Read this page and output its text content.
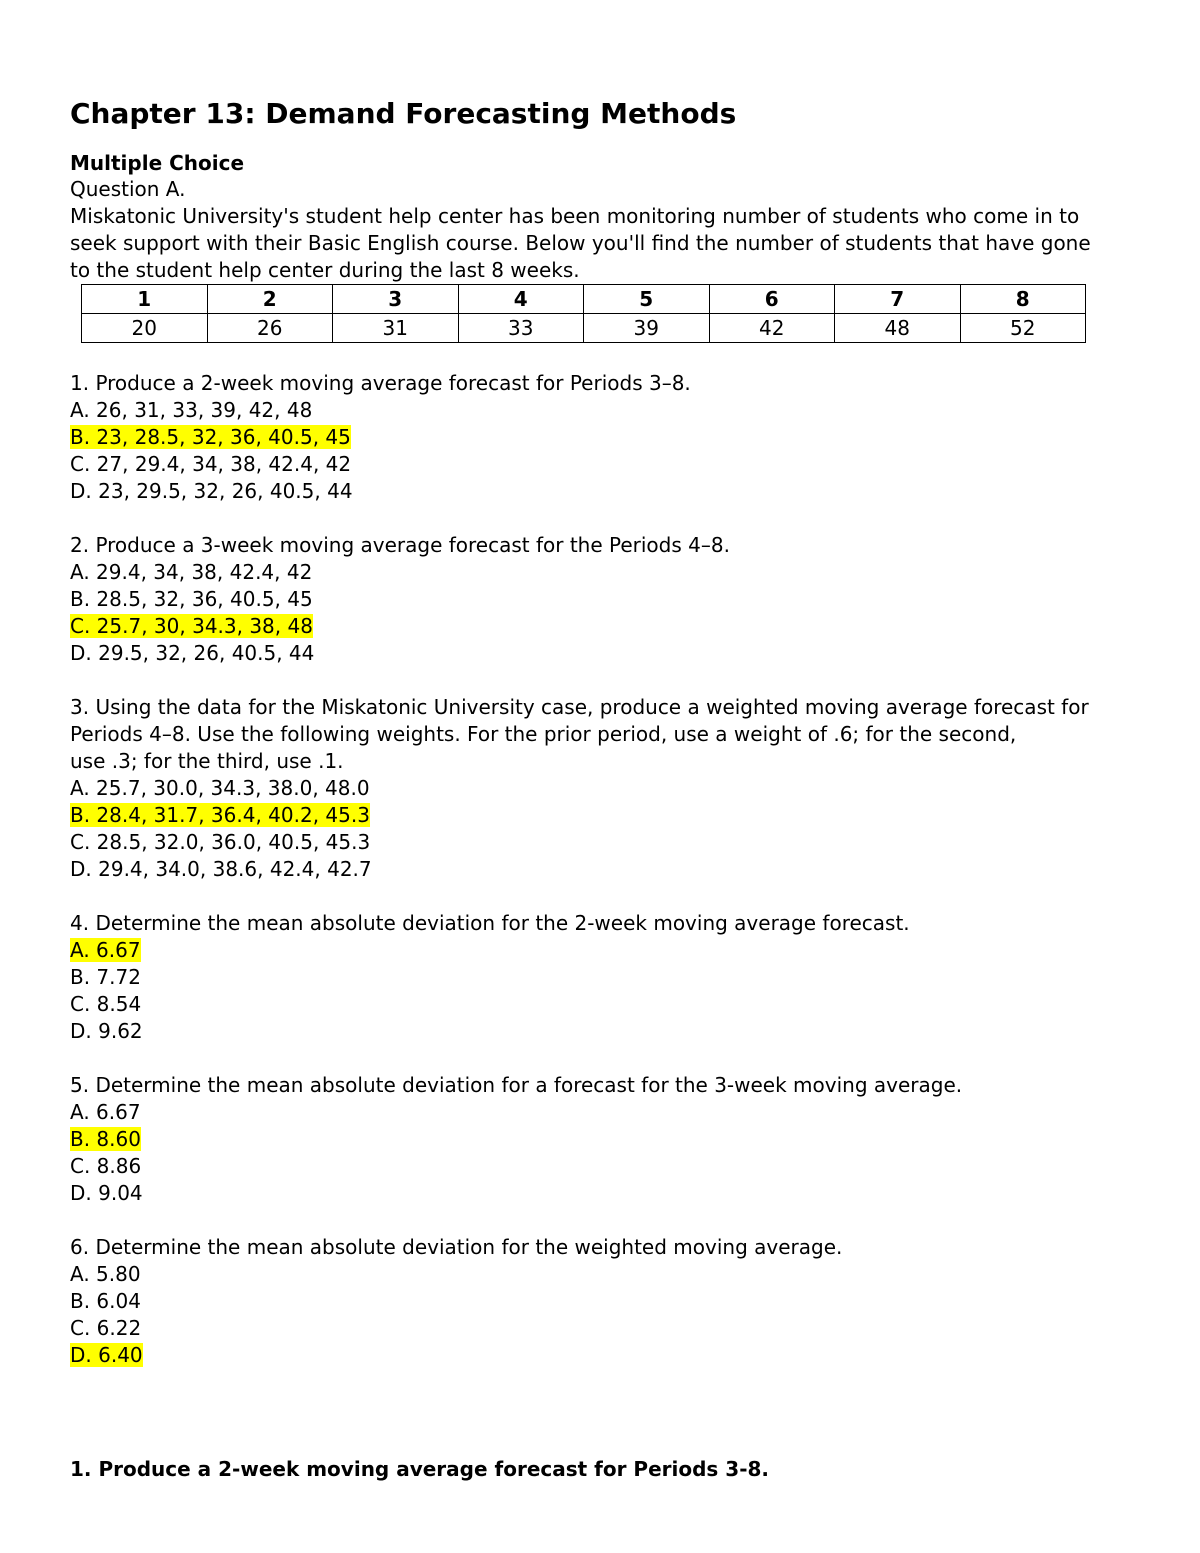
Chapter 13: Demand Forecasting Methods
Multiple Choice
Question A.
Miskatonic University's student help center has been monitoring number of students who come in to
seek support with their Basic English course. Below you'll find the number of students that have gone
to the student help center during the last 8 weeks.
1	2	3	4	5	6	7	8
20	26	31	33	39	42	48	52
1. Produce a 2-week moving average forecast for Periods 3–8.
A. 26, 31, 33, 39, 42, 48
B. 23, 28.5, 32, 36, 40.5, 45
C. 27, 29.4, 34, 38, 42.4, 42
D. 23, 29.5, 32, 26, 40.5, 44
2. Produce a 3-week moving average forecast for the Periods 4–8.
A. 29.4, 34, 38, 42.4, 42
B. 28.5, 32, 36, 40.5, 45
C. 25.7, 30, 34.3, 38, 48
D. 29.5, 32, 26, 40.5, 44
3. Using the data for the Miskatonic University case, produce a weighted moving average forecast for
Periods 4–8. Use the following weights. For the prior period, use a weight of .6; for the second,
use .3; for the third, use .1.
A. 25.7, 30.0, 34.3, 38.0, 48.0
B. 28.4, 31.7, 36.4, 40.2, 45.3
C. 28.5, 32.0, 36.0, 40.5, 45.3
D. 29.4, 34.0, 38.6, 42.4, 42.7
4. Determine the mean absolute deviation for the 2-week moving average forecast.
A. 6.67
B. 7.72
C. 8.54
D. 9.62
5. Determine the mean absolute deviation for a forecast for the 3-week moving average.
A. 6.67
B. 8.60
C. 8.86
D. 9.04
6. Determine the mean absolute deviation for the weighted moving average.
A. 5.80
B. 6.04
C. 6.22
D. 6.40
1. Produce a 2-week moving average forecast for Periods 3-8.
